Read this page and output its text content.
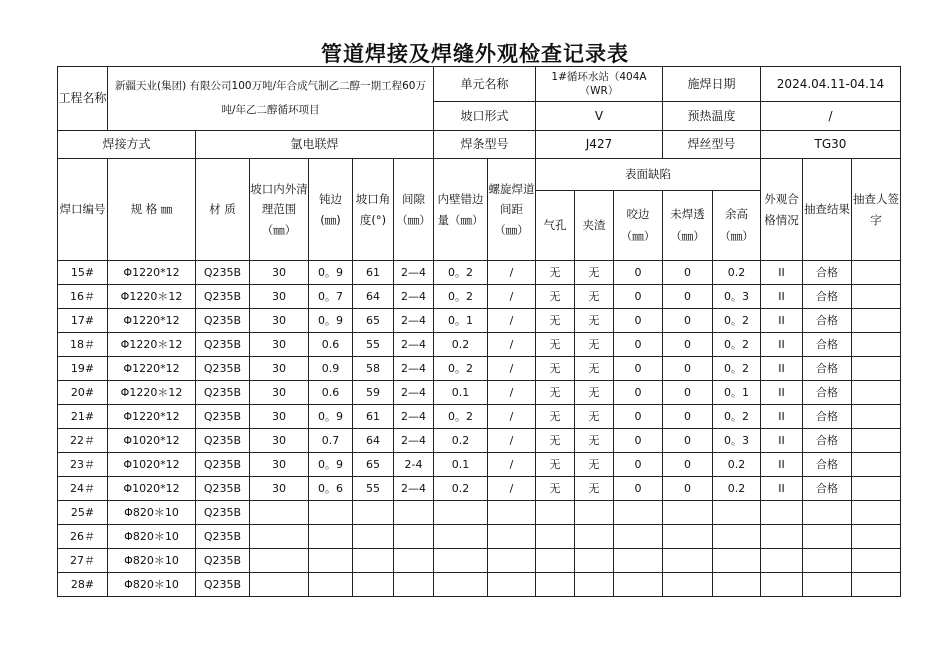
管道焊接及焊缝外观检查记录表
工程名称	新疆天业(集团) 有限公司100万吨/年合成气制乙二醇一期工程60万吨/年乙二醇循环项目						单元名称		1#循环水站（404A（WR）			施焊日期		2024.04.11-04.14		
							坡口形式		V			预热温度		/		
焊接方式		氩电联焊					焊条型号		J427			焊丝型号		TG30		
焊口编号	规 格 ㎜	材 质	坡口内外清理范围（㎜）	钝边(㎜)	坡口角度(°)	间隙（㎜）	内壁错边量（㎜）	螺旋焊道间距（㎜）	表面缺陷					外观合格情况	抽查结果	抽查人签字
									气孔	夹渣	咬边（㎜）	未焊透（㎜）	余高（㎜）			
15#	Φ1220*12	Q235B	30	0。9	61	2—4	0。2	/	无	无	0	0	0.2	II	合格	
16＃	Φ1220＊12	Q235B	30	0。7	64	2—4	0。2	/	无	无	0	0	0。3	II	合格	
17#	Φ1220*12	Q235B	30	0。9	65	2—4	0。1	/	无	无	0	0	0。2	II	合格	
18＃	Φ1220＊12	Q235B	30	0.6	55	2—4	0.2	/	无	无	0	0	0。2	II	合格	
19#	Φ1220*12	Q235B	30	0.9	58	2—4	0。2	/	无	无	0	0	0。2	II	合格	
20#	Φ1220＊12	Q235B	30	0.6	59	2—4	0.1	/	无	无	0	0	0。1	II	合格	
21#	Φ1220*12	Q235B	30	0。9	61	2—4	0。2	/	无	无	0	0	0。2	II	合格	
22＃	Φ1020*12	Q235B	30	0.7	64	2—4	0.2	/	无	无	0	0	0。3	II	合格	
23＃	Φ1020*12	Q235B	30	0。9	65	2-4	0.1	/	无	无	0	0	0.2	II	合格	
24＃	Φ1020*12	Q235B	30	0。6	55	2—4	0.2	/	无	无	0	0	0.2	II	合格	
25#	Φ820＊10	Q235B														
26＃	Φ820＊10	Q235B														
27＃	Φ820＊10	Q235B														
28#	Φ820＊10	Q235B														
